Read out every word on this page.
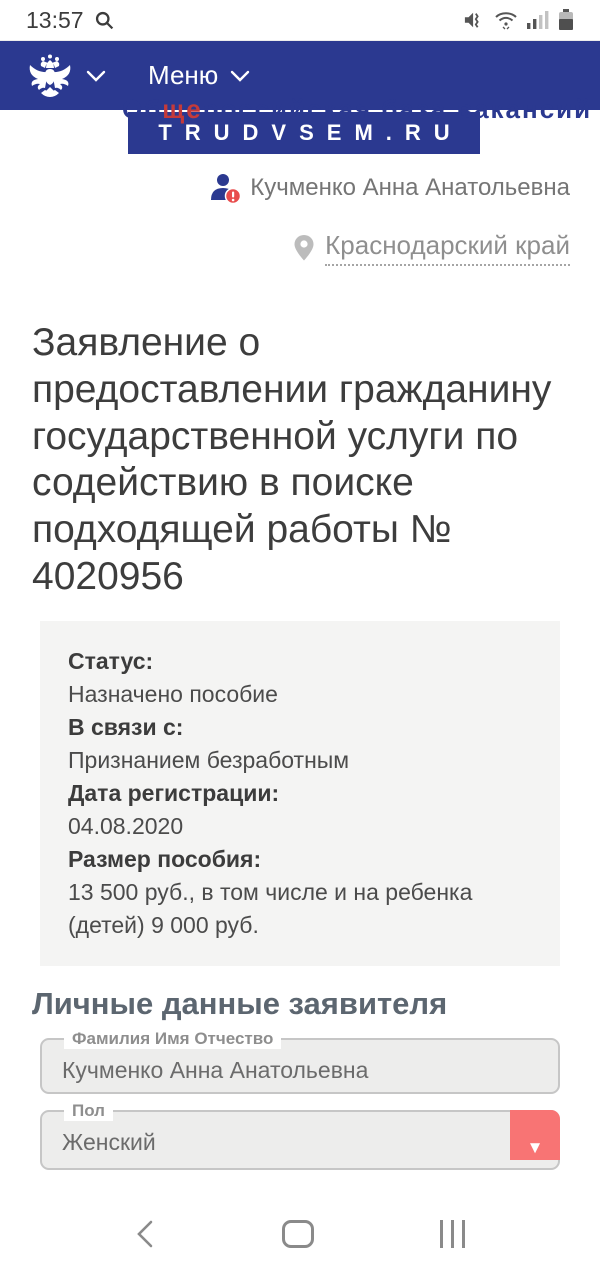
13:57
Меню
Общероссийская база вакансий
TRUDVSEM.RU
Кучменко Анна Анатольевна
Краснодарский край
Заявление о предоставлении гражданину государственной услуги по содействию в поиске подходящей работы № 4020956
Статус:
Назначено пособие
В связи с:
Признанием безработным
Дата регистрации:
04.08.2020
Размер пособия:
13 500 руб., в том числе и на ребенка (детей) 9 000 руб.
Личные данные заявителя
Фамилия Имя Отчество
Кучменко Анна Анатольевна
Пол
Женский	▼
